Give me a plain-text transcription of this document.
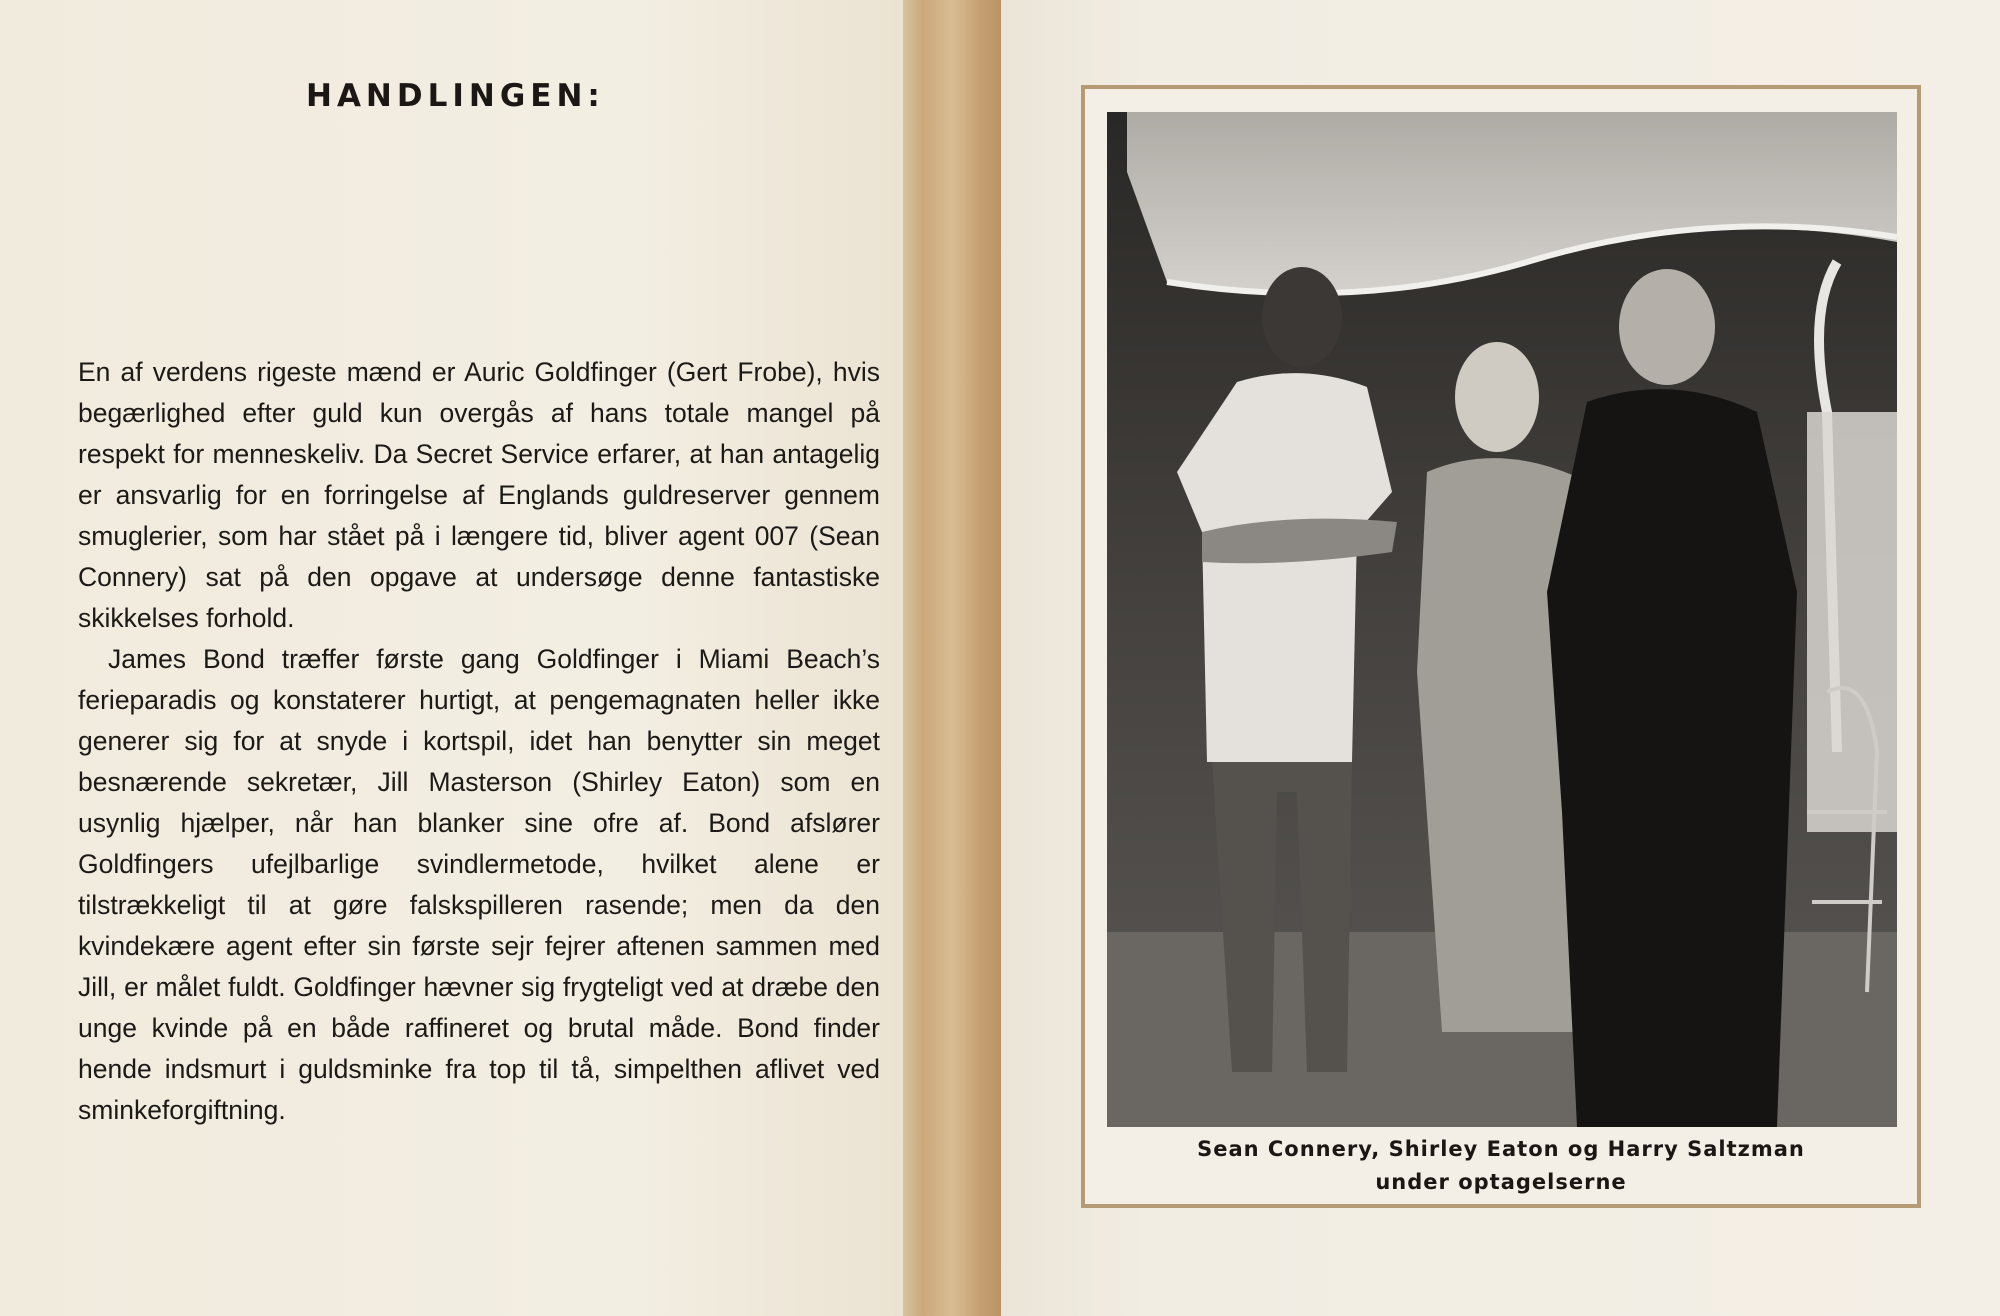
HANDLINGEN:

En af verdens rigeste mænd er Auric Goldfinger (Gert Frobe), hvis begærlighed efter guld kun overgås af hans totale mangel på respekt for menneskeliv. Da Secret Service erfarer, at han antagelig er ansvarlig for en forringelse af Englands guldreserver gennem smuglerier, som har stået på i længere tid, bliver agent 007 (Sean Connery) sat på den opgave at undersøge denne fantastiske skikkelses forhold.

James Bond træffer første gang Goldfinger i Miami Beach’s ferieparadis og konstaterer hurtigt, at pengemagnaten heller ikke generer sig for at snyde i kortspil, idet han benytter sin meget besnærende sekretær, Jill Masterson (Shirley Eaton) som en usynlig hjælper, når han blanker sine ofre af. Bond afslører Goldfingers ufejlbarlige svindlermetode, hvilket alene er tilstrækkeligt til at gøre falskspilleren rasende; men da den kvindekære agent efter sin første sejr fejrer aftenen sammen med Jill, er målet fuldt. Goldfinger hævner sig frygteligt ved at dræbe den unge kvinde på en både raffineret og brutal måde. Bond finder hende indsmurt i guldsminke fra top til tå, simpelthen aflivet ved sminkeforgiftning.

Sean Connery, Shirley Eaton og Harry Saltzman
under optagelserne
